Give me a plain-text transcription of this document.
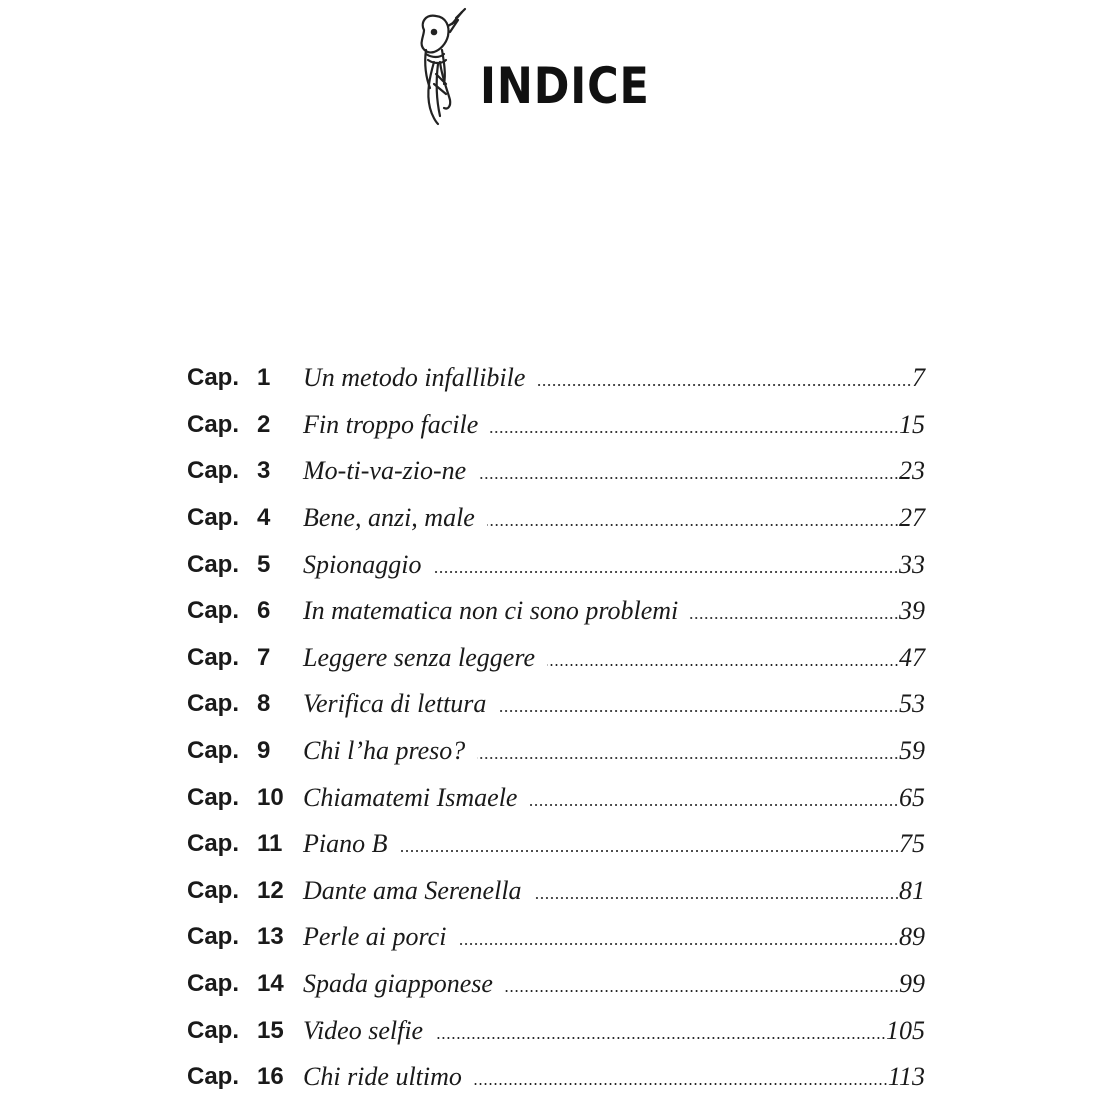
INDICE
Cap. 1	Un metodo infallibile	7
Cap. 2	Fin troppo facile	15
Cap. 3	Mo-ti-va-zio-ne	23
Cap. 4	Bene, anzi, male	27
Cap. 5	Spionaggio	33
Cap. 6	In matematica non ci sono problemi	39
Cap. 7	Leggere senza leggere	47
Cap. 8	Verifica di lettura	53
Cap. 9	Chi l’ha preso?	59
Cap. 10 Chiamatemi Ismaele	65
Cap. 11 Piano B	75
Cap. 12 Dante ama Serenella	81
Cap. 13 Perle ai porci	89
Cap. 14 Spada giapponese	99
Cap. 15 Video selfie	105
Cap. 16 Chi ride ultimo	113
